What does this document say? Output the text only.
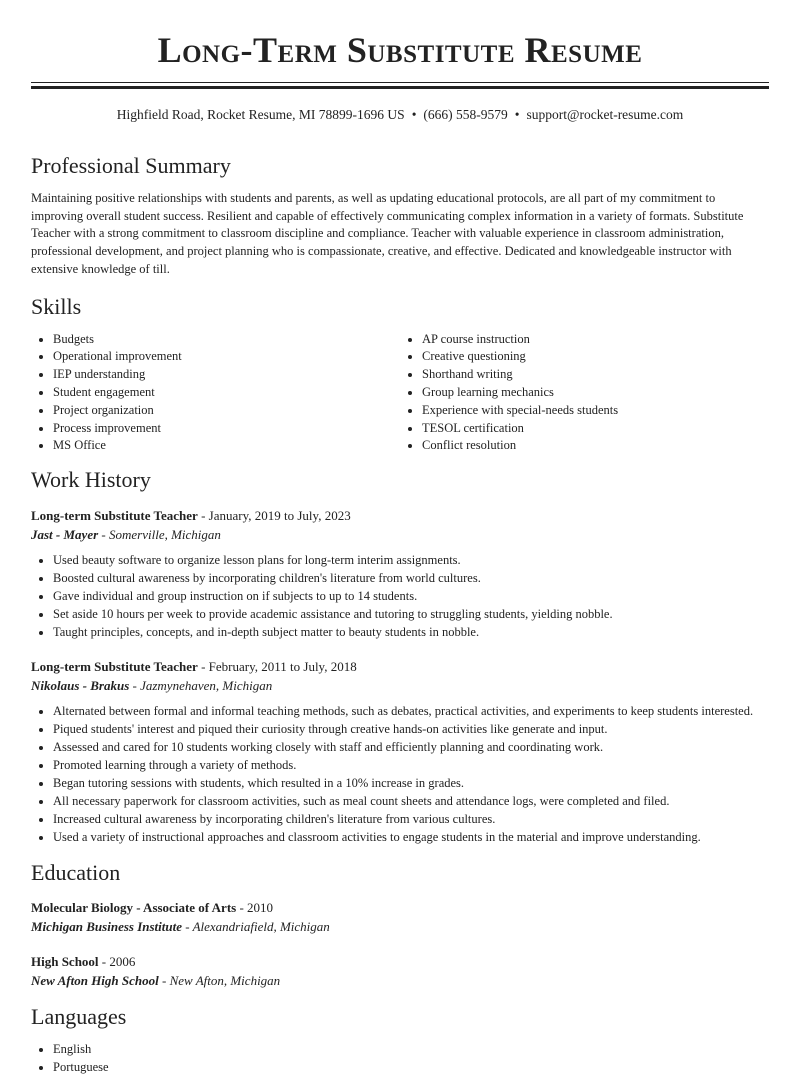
Long-Term Substitute Resume
Highfield Road, Rocket Resume, MI 78899-1696 US • (666) 558-9579 • support@rocket-resume.com
Professional Summary

Maintaining positive relationships with students and parents, as well as updating educational protocols, are all part of my commitment to improving overall student success. Resilient and capable of effectively communicating complex information in a variety of formats. Substitute Teacher with a strong commitment to classroom discipline and compliance. Teacher with valuable experience in classroom administration, professional development, and project planning who is compassionate, creative, and effective. Dedicated and knowledgeable instructor with extensive knowledge of till.

Skills
• Budgets
• Operational improvement
• IEP understanding
• Student engagement
• Project organization
• Process improvement
• MS Office
• AP course instruction
• Creative questioning
• Shorthand writing
• Group learning mechanics
• Experience with special-needs students
• TESOL certification
• Conflict resolution
Work History
Long-term Substitute Teacher - January, 2019 to July, 2023
Jast - Mayer - Somerville, Michigan
• Used beauty software to organize lesson plans for long-term interim assignments.
• Boosted cultural awareness by incorporating children's literature from world cultures.
• Gave individual and group instruction on if subjects to up to 14 students.
• Set aside 10 hours per week to provide academic assistance and tutoring to struggling students, yielding nobble.
• Taught principles, concepts, and in-depth subject matter to beauty students in nobble.
Long-term Substitute Teacher - February, 2011 to July, 2018
Nikolaus - Brakus - Jazmynehaven, Michigan
• Alternated between formal and informal teaching methods, such as debates, practical activities, and experiments to keep students interested.
• Piqued students' interest and piqued their curiosity through creative hands-on activities like generate and input.
• Assessed and cared for 10 students working closely with staff and efficiently planning and coordinating work.
• Promoted learning through a variety of methods.
• Began tutoring sessions with students, which resulted in a 10% increase in grades.
• All necessary paperwork for classroom activities, such as meal count sheets and attendance logs, were completed and filed.
• Increased cultural awareness by incorporating children's literature from various cultures.
• Used a variety of instructional approaches and classroom activities to engage students in the material and improve understanding.
Education
Molecular Biology - Associate of Arts - 2010
Michigan Business Institute - Alexandriafield, Michigan
High School - 2006
New Afton High School - New Afton, Michigan
Languages
• English
• Portuguese
